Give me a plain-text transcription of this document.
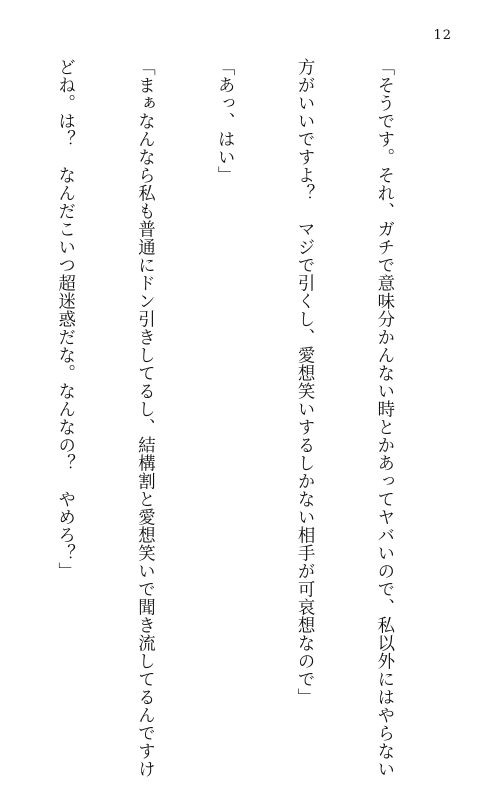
12

「そうです。それ、ガチで意味分かんない時とかあってヤバいので、私以外にはやらない

方がいいですよ？　マジで引くし、愛想笑いするしかない相手が可哀想なので」

「あっ、はい」

「まぁなんなら私も普通にドン引きしてるし、結構割と愛想笑いで聞き流してるんですけ

どね。は？　なんだこいつ超迷惑だな。なんなの？　やめろ？」
